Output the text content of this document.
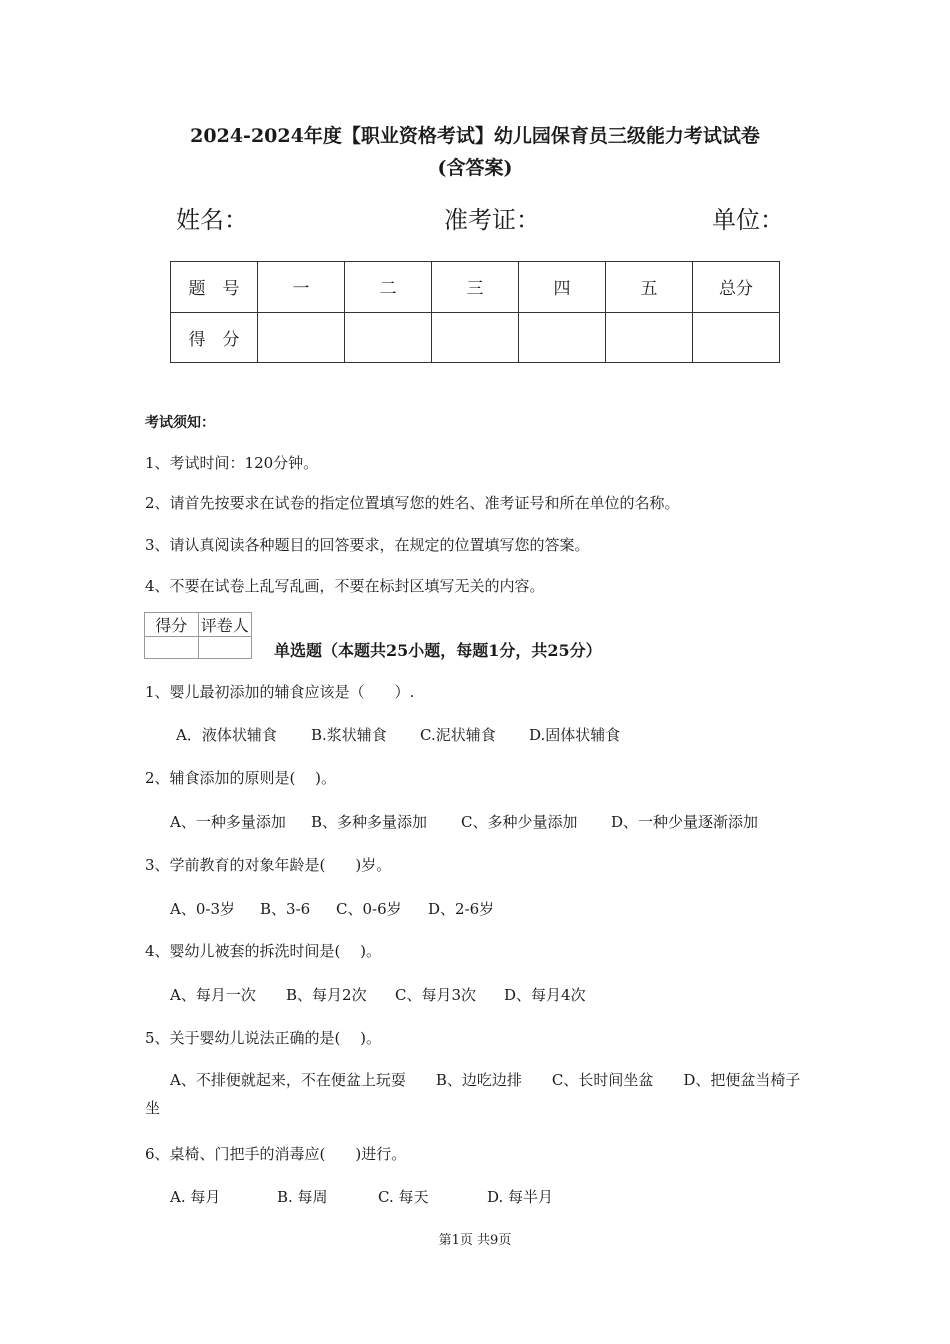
2024-2024年度【职业资格考试】幼儿园保育员三级能力考试试卷
(含答案)
姓名：	准考证：	单位：
题　号	一	二	三	四	五	总分
得　分						
考试须知：
1、考试时间：120分钟。
2、请首先按要求在试卷的指定位置填写您的姓名、准考证号和所在单位的名称。
3、请认真阅读各种题目的回答要求，在规定的位置填写您的答案。
4、不要在试卷上乱写乱画，不要在标封区填写无关的内容。
得分	评卷人

单选题（本题共25小题，每题1分，共25分）
1、婴儿最初添加的辅食应该是（　　）.
A．液体状辅食 B.浆状辅食 C.泥状辅食 D.固体状辅食
2、辅食添加的原则是(　 )。
A、一种多量添加 B、多种多量添加 C、多种少量添加 D、一种少量逐渐添加
3、学前教育的对象年龄是(　　)岁。
A、0-3岁 B、3-6 C、0-6岁 D、2-6岁
4、婴幼儿被套的拆洗时间是(　 )。
A、每月一次 B、每月2次 C、每月3次 D、每月4次
5、关于婴幼儿说法正确的是(　 )。
A、不排便就起来，不在便盆上玩耍　　B、边吃边排　　C、长时间坐盆　　D、把便盆当椅子坐
6、桌椅、门把手的消毒应(　　)进行。
A. 每月	B. 每周	C. 每天	D. 每半月
第1页 共9页
